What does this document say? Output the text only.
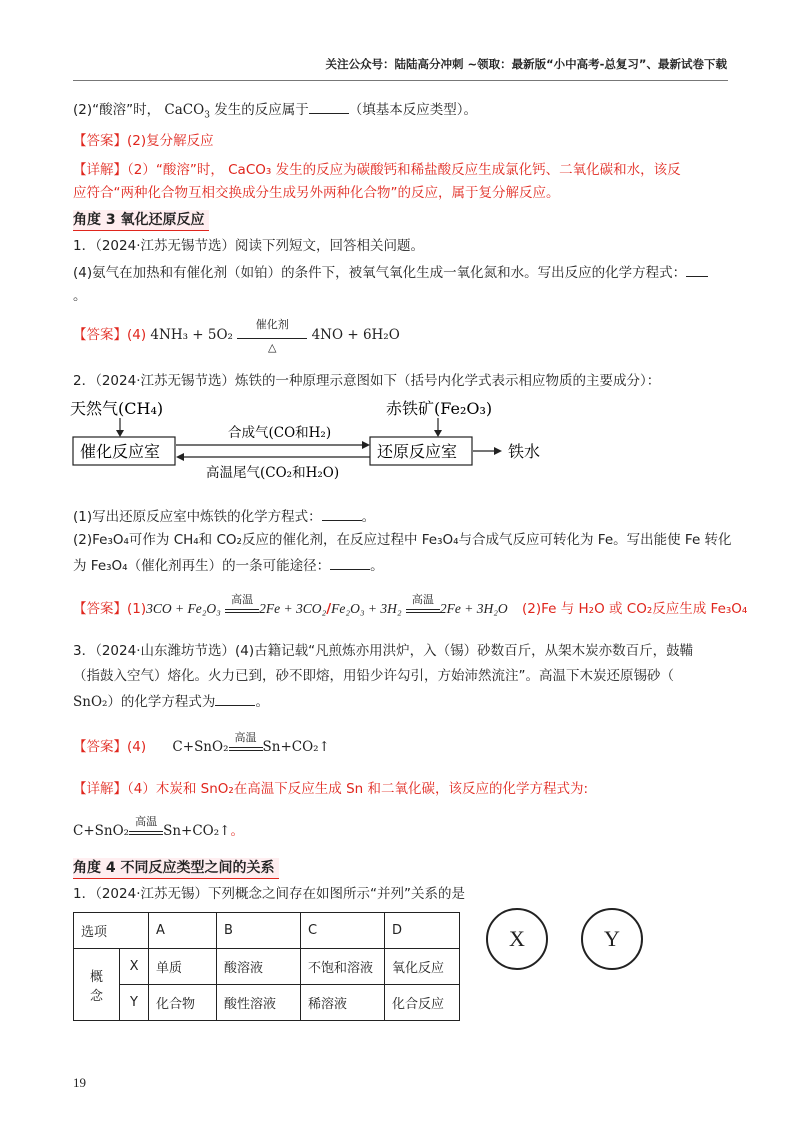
关注公众号：陆陆高分冲刺 ~领取：最新版“小中高考-总复习”、最新试卷下载
(2)“酸溶”时， CaCO$_3$ 发生的反应属于	（填基本反应类型）。
【答案】(2)复分解反应
【详解】（2）“酸溶”时， CaCO₃ 发生的反应为碳酸钙和稀盐酸反应生成氯化钙、二氧化碳和水，该反
应符合“两种化合物互相交换成分生成另外两种化合物”的反应，属于复分解反应。
角度 3 氧化还原反应
1．（2024·江苏无锡节选）阅读下列短文，回答相关问题。
(4)氨气在加热和有催化剂（如铂）的条件下，被氧气氧化生成一氧化氮和水。写出反应的化学方程式：
。
【答案】(4) 4NH₃ + 5O₂
催化剂
△
4NO + 6H₂O
2．（2024·江苏无锡节选）炼铁的一种原理示意图如下（括号内化学式表示相应物质的主要成分）：
天然气(CH₄)	赤铁矿(Fe₂O₃)
催化反应室	还原反应室
合成气(CO和H₂)
高温尾气(CO₂和H₂O)
铁水
(1)写出还原反应室中炼铁的化学方程式：	。
(2)Fe₃O₄可作为 CH₄和 CO₂反应的催化剂，在反应过程中 Fe₃O₄与合成气反应可转化为 Fe。写出能使 Fe 转化
为 Fe₃O₄（催化剂再生）的一条可能途径：	。
【答案】(1)3CO + Fe₂O₃
高温
2Fe + 3CO₂/Fe₂O₃ + 3H₂
高温
2Fe + 3H₂O (2)Fe 与 H₂O 或 CO₂反应生成 Fe₃O₄
3．（2024·山东潍坊节选）(4)古籍记载“凡煎炼亦用洪炉，入（锡）砂数百斤，从架木炭亦数百斤，鼓鞴
（指鼓入空气）熔化。火力已到，砂不即熔，用铅少许勾引，方始沛然流注”。高温下木炭还原锡砂（
SnO₂）的化学方程式为	。
【答案】(4) C+SnO₂
高温
Sn+CO₂↑
【详解】（4）木炭和 SnO₂在高温下反应生成 Sn 和二氧化碳，该反应的化学方程式为:
C+SnO₂
高温
Sn+CO₂↑。
角度 4 不同反应类型之间的关系
1．（2024·江苏无锡）下列概念之间存在如图所示“并列”关系的是
选项		A	B	C	D
概
念	X	单质	酸溶液	不饱和溶液	氧化反应
	Y	化合物	酸性溶液	稀溶液	化合反应
X	Y
19
